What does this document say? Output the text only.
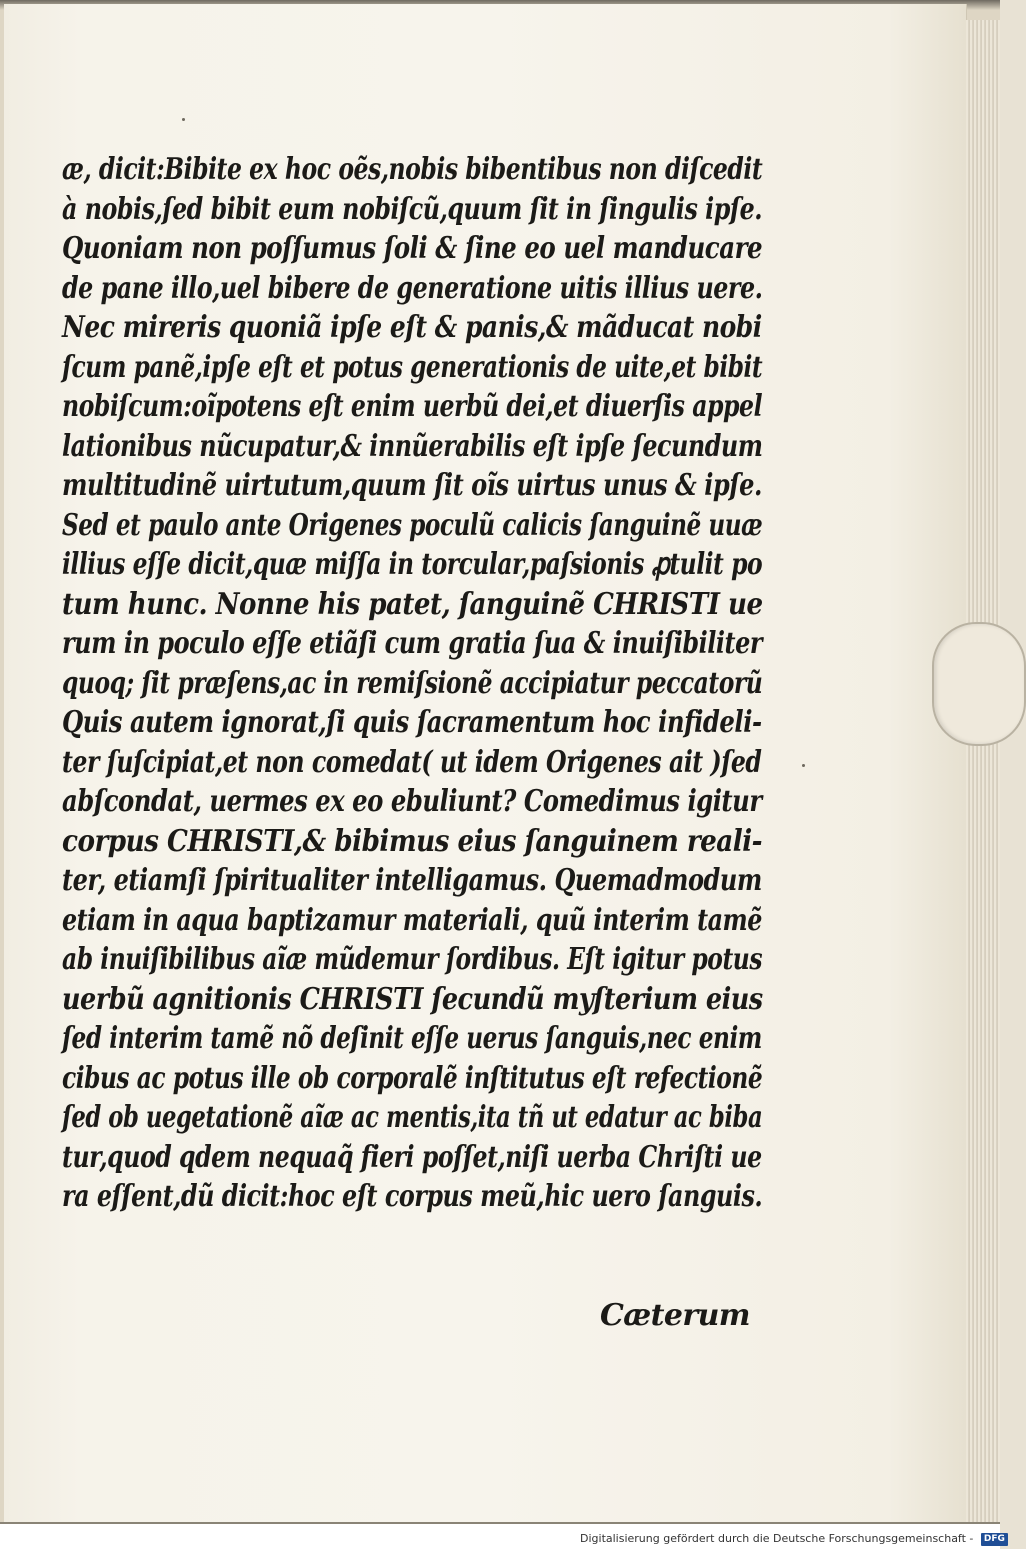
æ, dicit:Bibite ex hoc oẽs,nobis bibentibus non diſcedit
à nobis,ſed bibit eum nobiſcũ,quum ſit in ſingulis ipſe.
Quoniam non poſſumus ſoli & ſine eo uel manducare
de pane illo,uel bibere de generatione uitis illius uere.
Nec mireris quoniã ipſe eſt & panis,& mãducat nobi
ſcum panẽ,ipſe eſt et potus generationis de uite,et bibit
nobiſcum:oĩpotens eſt enim uerbũ dei,et diuerſis appel
lationibus nũcupatur,& innũerabilis eſt ipſe ſecundum
multitudinẽ uirtutum,quum ſit oĩs uirtus unus & ipſe.
Sed et paulo ante Origenes poculũ calicis ſanguinẽ uuæ
illius eſſe dicit,quæ miſſa in torcular,paſsionis ꝓtulit po
tum hunc. Nonne his patet, ſanguinẽ CHRISTI ue
rum in poculo eſſe etiãſi cum gratia ſua & inuiſibiliter
quoq; ſit præſens,ac in remiſsionẽ accipiatur peccatorũ
Quis autem ignorat,ſi quis ſacramentum hoc infideli-
ter ſuſcipiat,et non comedat( ut idem Origenes ait )ſed
abſcondat, uermes ex eo ebuliunt? Comedimus igitur
corpus CHRISTI,& bibimus eius ſanguinem reali-
ter, etiamſi ſpiritualiter intelligamus. Quemadmodum
etiam in aqua baptizamur materiali, quũ interim tamẽ
ab inuiſibilibus aĩæ mũdemur ſordibus. Eſt igitur potus
uerbũ agnitionis CHRISTI ſecundũ myſterium eius
ſed interim tamẽ nõ deſinit eſſe uerus ſanguis,nec enim
cibus ac potus ille ob corporalẽ inſtitutus eſt refectionẽ
ſed ob uegetationẽ aĩæ ac mentis,ita tñ ut edatur ac biba
tur,quod qdem nequaq̃ fieri poſſet,niſi uerba Chriſti ue
ra eſſent,dũ dicit:hoc eſt corpus meũ,hic uero ſanguis.
Cæterum
Digitalisierung gefördert durch die Deutsche Forschungsgemeinschaft - DFG
